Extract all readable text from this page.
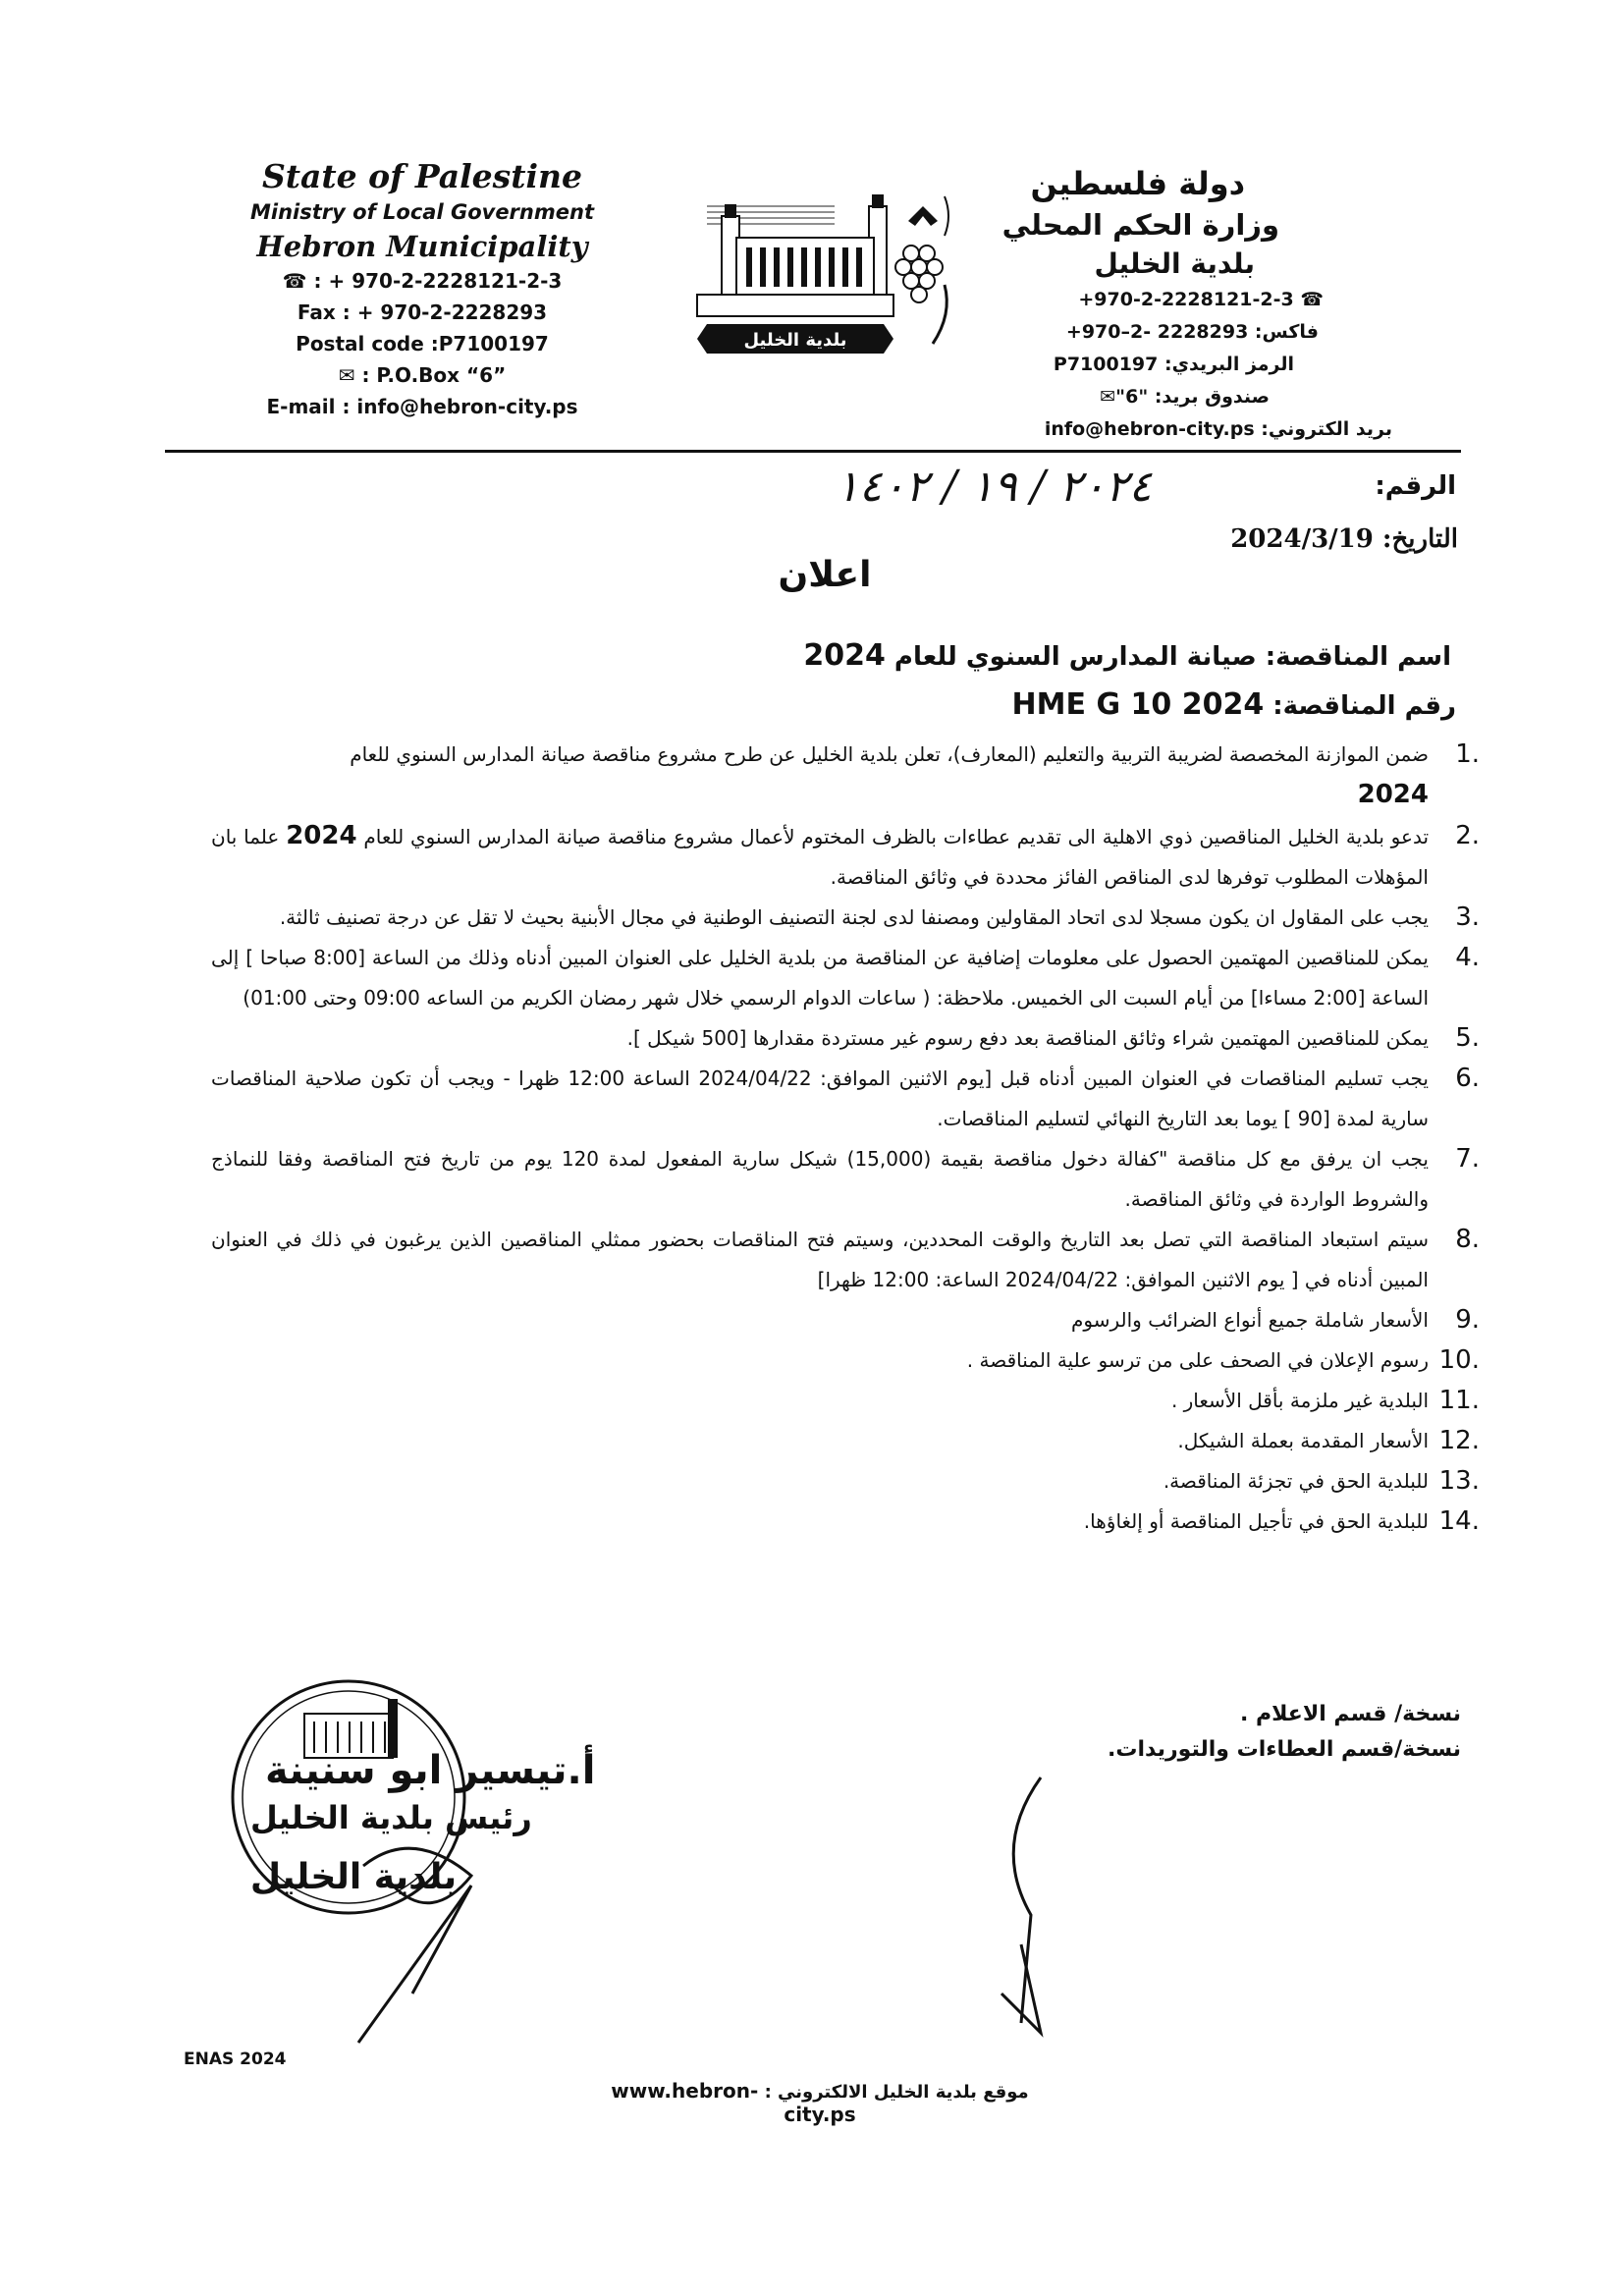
State of Palestine
Ministry of Local Government
Hebron Municipality
☎ : + 970-2-2228121-2-3
Fax : + 970-2-2228293
Postal code :P7100197
✉ : P.O.Box “6”
E-mail : info@hebron-city.ps
بلدية الخليل
دولة فلسطين
وزارة الحكم المحلي
بلدية الخليل
+970-2-2228121-2-3 ☎
فاكس: 2228293 -2–970+
الرمز البريدي: P7100197
صندوق بريد: "6"✉
بريد الكتروني: info@hebron-city.ps
الرقم:
٢٠٢٤ / ١٩ / ١٤٠٢
التاريخ: 2024/3/19
اعلان
اسم المناقصة: صيانة المدارس السنوي للعام 2024
رقم المناقصة: HME G 10 2024
1.
ضمن الموازنة المخصصة لضريبة التربية والتعليم (المعارف)، تعلن بلدية الخليل عن طرح مشروع مناقصة صيانة المدارس السنوي للعام
2024
2.
تدعو بلدية الخليل المناقصين ذوي الاهلية الى تقديم عطاءات بالظرف المختوم لأعمال مشروع مناقصة صيانة المدارس السنوي للعام 2024 علما بان المؤهلات المطلوب توفرها لدى المناقص الفائز محددة في وثائق المناقصة.
3.
يجب على المقاول ان يكون مسجلا لدى اتحاد المقاولين ومصنفا لدى لجنة التصنيف الوطنية في مجال الأبنية بحيث لا تقل عن درجة تصنيف ثالثة.
4.
يمكن للمناقصين المهتمين الحصول على معلومات إضافية عن المناقصة من بلدية الخليل على العنوان المبين أدناه وذلك من الساعة [8:00 صباحا ] إلى الساعة [2:00 مساءا] من أيام السبت الى الخميس. ملاحظة: ( ساعات الدوام الرسمي خلال شهر رمضان الكريم من الساعه 09:00 وحتى 01:00)
5.
يمكن للمناقصين المهتمين شراء وثائق المناقصة بعد دفع رسوم غير مستردة مقدارها [500 شيكل ].
6.
يجب تسليم المناقصات في العنوان المبين أدناه قبل [يوم الاثنين الموافق: 2024/04/22 الساعة 12:00 ظهرا - ويجب أن تكون صلاحية المناقصات سارية لمدة [90 ] يوما بعد التاريخ النهائي لتسليم المناقصات.
7.
يجب ان يرفق مع كل مناقصة "كفالة دخول مناقصة بقيمة (15,000) شيكل سارية المفعول لمدة 120 يوم من تاريخ فتح المناقصة وفقا للنماذج والشروط الواردة في وثائق المناقصة.
8.
سيتم استبعاد المناقصة التي تصل بعد التاريخ والوقت المحددين، وسيتم فتح المناقصات بحضور ممثلي المناقصين الذين يرغبون في ذلك في العنوان المبين أدناه في [ يوم الاثنين الموافق: 2024/04/22 الساعة: 12:00 ظهرا]
9.
الأسعار شاملة جميع أنواع الضرائب والرسوم
10.
رسوم الإعلان في الصحف على من ترسو علية المناقصة .
11.
البلدية غير ملزمة بأقل الأسعار .
12.
الأسعار المقدمة بعملة الشيكل.
13.
للبلدية الحق في تجزئة المناقصة.
14.
للبلدية الحق في تأجيل المناقصة أو إلغاؤها.
بلدية الخليل
أ.تيسير ابو سنينة
رئيس بلدية الخليل
نسخة/ قسم الاعلام .
نسخة/قسم العطاءات والتوريدات.
ENAS 2024
موقع بلدية الخليل الالكتروني : www.hebron-city.ps
